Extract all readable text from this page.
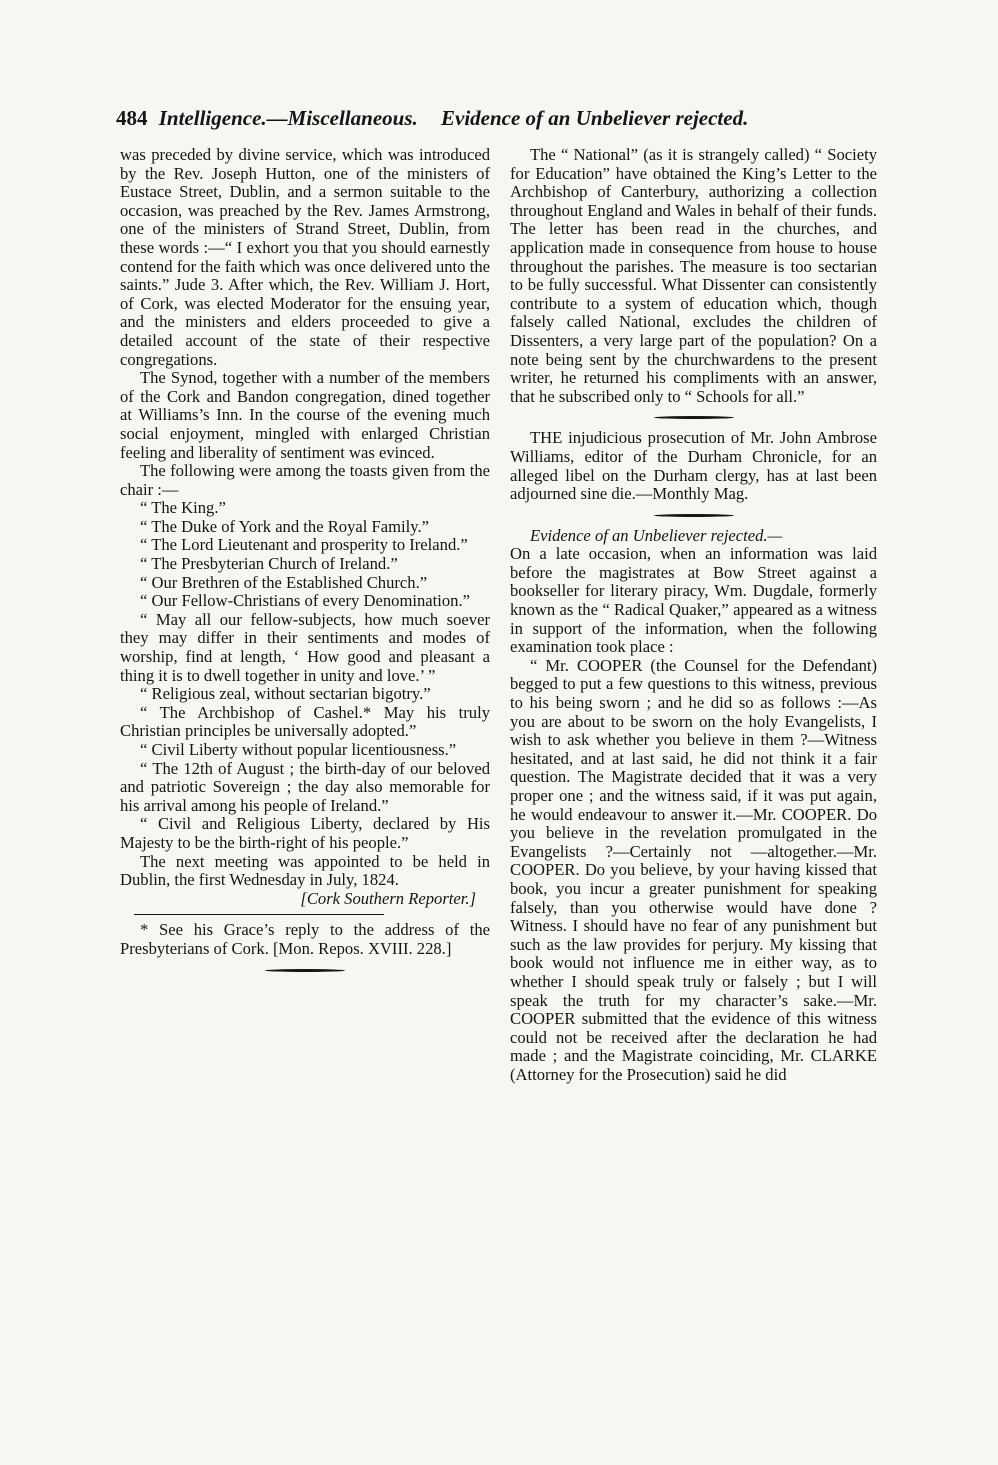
484 Intelligence.—Miscellaneous. Evidence of an Unbeliever rejected.

was preceded by divine service, which was introduced by the Rev. Joseph Hutton, one of the ministers of Eustace Street, Dublin, and a sermon suitable to the occasion, was preached by the Rev. James Armstrong, one of the ministers of Strand Street, Dublin, from these words :—“ I exhort you that you should earnestly contend for the faith which was once delivered unto the saints.” Jude 3. After which, the Rev. William J. Hort, of Cork, was elected Moderator for the ensuing year, and the ministers and elders proceeded to give a detailed account of the state of their respective congregations.

The Synod, together with a number of the members of the Cork and Bandon congregation, dined together at Williams’s Inn. In the course of the evening much social enjoyment, mingled with enlarged Christian feeling and liberality of sentiment was evinced.

The following were among the toasts given from the chair :—

“ The King.”

“ The Duke of York and the Royal Family.”

“ The Lord Lieutenant and prosperity to Ireland.”

“ The Presbyterian Church of Ireland.”

“ Our Brethren of the Established Church.”

“ Our Fellow-Christians of every Denomination.”

“ May all our fellow-subjects, how much soever they may differ in their sentiments and modes of worship, find at length, ‘ How good and pleasant a thing it is to dwell together in unity and love.’ ”

“ Religious zeal, without sectarian bigotry.”

“ The Archbishop of Cashel.* May his truly Christian principles be universally adopted.”

“ Civil Liberty without popular licentiousness.”

“ The 12th of August ; the birth-day of our beloved and patriotic Sovereign ; the day also memorable for his arrival among his people of Ireland.”

“ Civil and Religious Liberty, declared by His Majesty to be the birth-right of his people.”

The next meeting was appointed to be held in Dublin, the first Wednesday in July, 1824.

[Cork Southern Reporter.]

* See his Grace’s reply to the address of the Presbyterians of Cork. [Mon. Repos. XVIII. 228.]

The “ National” (as it is strangely called) “ Society for Education” have obtained the King’s Letter to the Archbishop of Canterbury, authorizing a collection throughout England and Wales in behalf of their funds. The letter has been read in the churches, and application made in consequence from house to house throughout the parishes. The measure is too sectarian to be fully successful. What Dissenter can consistently contribute to a system of education which, though falsely called National, excludes the children of Dissenters, a very large part of the population? On a note being sent by the churchwardens to the present writer, he returned his compliments with an answer, that he subscribed only to “ Schools for all.”

THE injudicious prosecution of Mr. John Ambrose Williams, editor of the Durham Chronicle, for an alleged libel on the Durham clergy, has at last been adjourned sine die.—Monthly Mag.

Evidence of an Unbeliever rejected.—

On a late occasion, when an information was laid before the magistrates at Bow Street against a bookseller for literary piracy, Wm. Dugdale, formerly known as the “ Radical Quaker,” appeared as a witness in support of the information, when the following examination took place :

“ Mr. COOPER (the Counsel for the Defendant) begged to put a few questions to this witness, previous to his being sworn ; and he did so as follows :—As you are about to be sworn on the holy Evangelists, I wish to ask whether you believe in them ?—Witness hesitated, and at last said, he did not think it a fair question. The Magistrate decided that it was a very proper one ; and the witness said, if it was put again, he would endeavour to answer it.—Mr. COOPER. Do you believe in the revelation promulgated in the Evangelists ?—Certainly not —altogether.—Mr. COOPER. Do you believe, by your having kissed that book, you incur a greater punishment for speaking falsely, than you otherwise would have done ? Witness. I should have no fear of any punishment but such as the law provides for perjury. My kissing that book would not influence me in either way, as to whether I should speak truly or falsely ; but I will speak the truth for my character’s sake.—Mr. COOPER submitted that the evidence of this witness could not be received after the declaration he had made ; and the Magistrate coinciding, Mr. CLARKE (Attorney for the Prosecution) said he did
